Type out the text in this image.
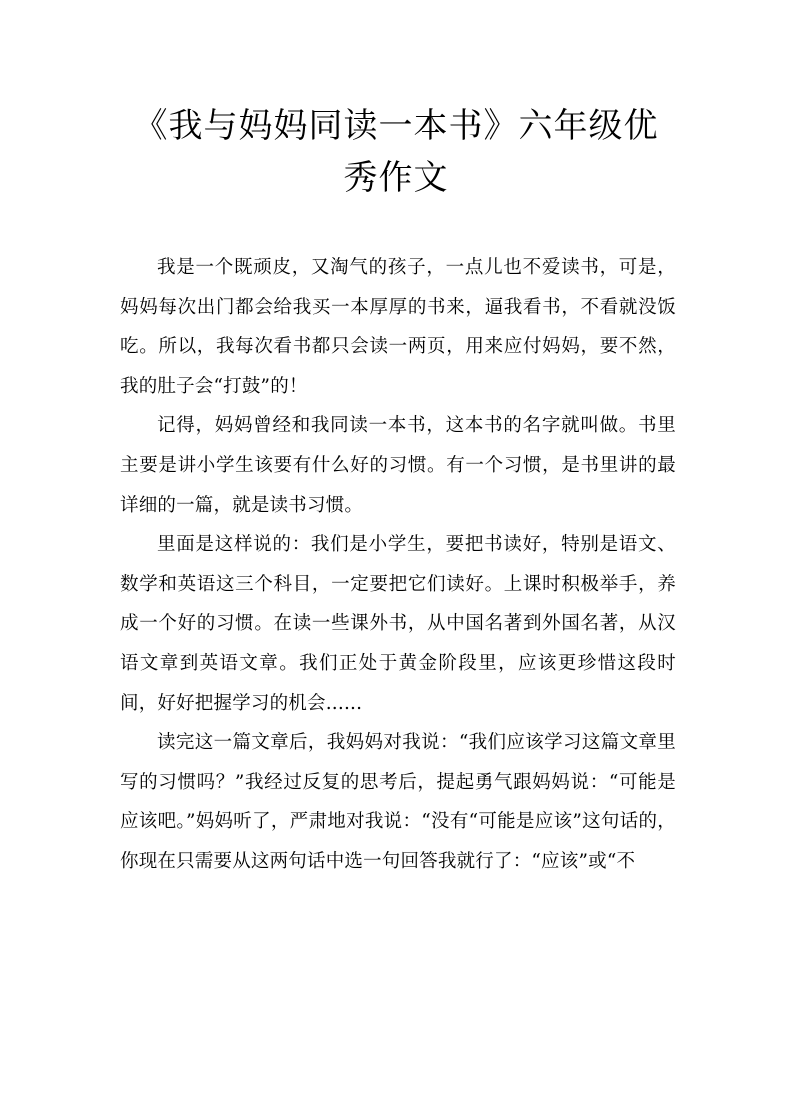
《我与妈妈同读一本书》六年级优秀作文

我是一个既顽皮，又淘气的孩子，一点儿也不爱读书，可是，妈妈每次出门都会给我买一本厚厚的书来，逼我看书，不看就没饭吃。所以，我每次看书都只会读一两页，用来应付妈妈，要不然，我的肚子会“打鼓”的！

记得，妈妈曾经和我同读一本书，这本书的名字就叫做。书里主要是讲小学生该要有什么好的习惯。有一个习惯，是书里讲的最详细的一篇，就是读书习惯。

里面是这样说的：我们是小学生，要把书读好，特别是语文、数学和英语这三个科目，一定要把它们读好。上课时积极举手，养成一个好的习惯。在读一些课外书，从中国名著到外国名著，从汉语文章到英语文章。我们正处于黄金阶段里，应该更珍惜这段时间，好好把握学习的机会......

读完这一篇文章后，我妈妈对我说：“我们应该学习这篇文章里写的习惯吗？”我经过反复的思考后，提起勇气跟妈妈说：“可能是应该吧。”妈妈听了，严肃地对我说：“没有“可能是应该”这句话的，你现在只需要从这两句话中选一句回答我就行了：“应该”或“不
